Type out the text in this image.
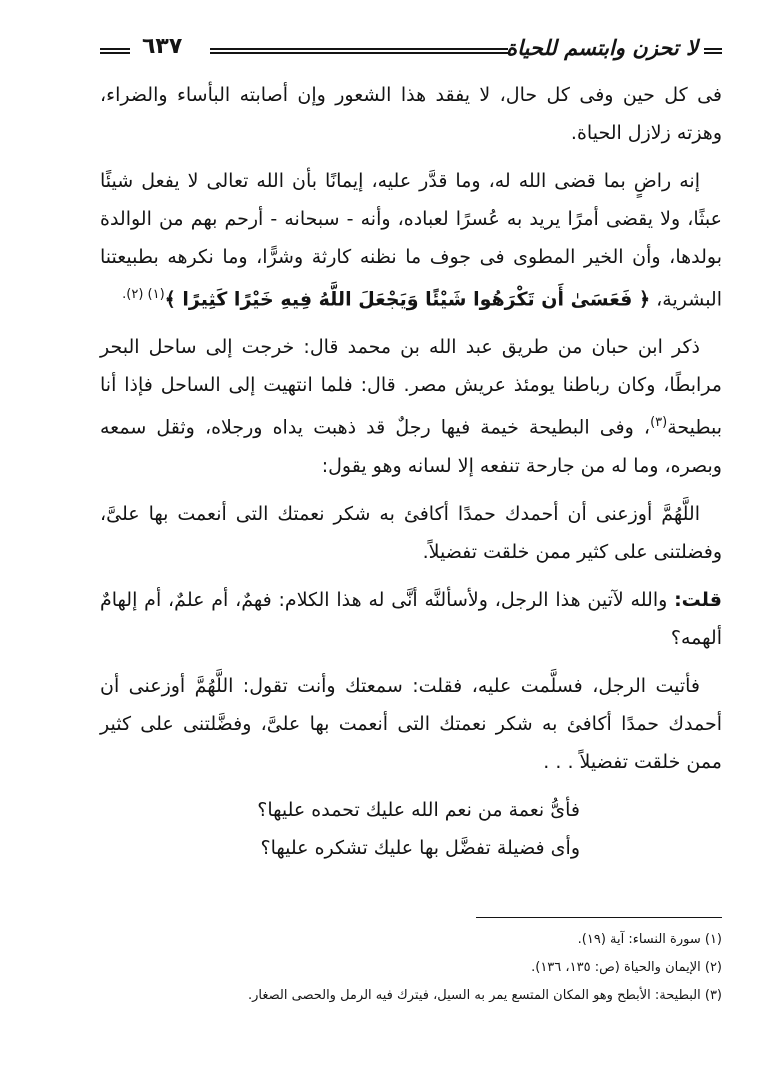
لا تحزن وابتسم للحياة
٦٣٧

فى كل حين وفى كل حال، لا يفقد هذا الشعور وإن أصابته البأساء والضراء، وهزته زلازل الحياة.

إنه راضٍ بما قضى الله له، وما قدَّر عليه، إيمانًا بأن الله تعالى لا يفعل شيئًا عبثًا، ولا يقضى أمرًا يريد به عُسرًا لعباده، وأنه - سبحانه - أرحم بهم من الوالدة بولدها، وأن الخير المطوى فى جوف ما نظنه كارثة وشرًّا، وما نكرهه بطبيعتنا البشرية، ﴿ فَعَسَىٰ أَن تَكْرَهُوا شَيْئًا وَيَجْعَلَ اللَّهُ فِيهِ خَيْرًا كَثِيرًا ﴾$^{(١) (٢).}$

ذكر ابن حبان من طريق عبد الله بن محمد قال: خرجت إلى ساحل البحر مرابطًا، وكان رباطنا يومئذ عريش مصر. قال: فلما انتهيت إلى الساحل فإذا أنا ببطيحة$^{(٣)}$، وفى البطيحة خيمة فيها رجلٌ قد ذهبت يداه ورجلاه، وثقل سمعه وبصره، وما له من جارحة تنفعه إلا لسانه وهو يقول:

اللَّهُمَّ أوزعنى أن أحمدك حمدًا أكافئ به شكر نعمتك التى أنعمت بها علىَّ، وفضلتنى على كثير ممن خلقت تفضيلاً.

قلت: والله لآتين هذا الرجل، ولأسألنَّه أنَّى له هذا الكلام: فهمٌ، أم علمٌ، أم إلهامٌ ألهمه؟

فأتيت الرجل، فسلَّمت عليه، فقلت: سمعتك وأنت تقول: اللَّهُمَّ أوزعنى أن أحمدك حمدًا أكافئ به شكر نعمتك التى أنعمت بها علىَّ، وفضَّلتنى على كثير ممن خلقت تفضيلاً . . .

فأىُّ نعمة من نعم الله عليك تحمده عليها؟

وأى فضيلة تفضَّل بها عليك تشكره عليها؟

(١) سورة النساء: آية (١٩).

(٢) الإيمان والحياة (ص: ١٣٥، ١٣٦).

(٣) البطيحة: الأبطح وهو المكان المتسع يمر به السيل، فيترك فيه الرمل والحصى الصغار.
